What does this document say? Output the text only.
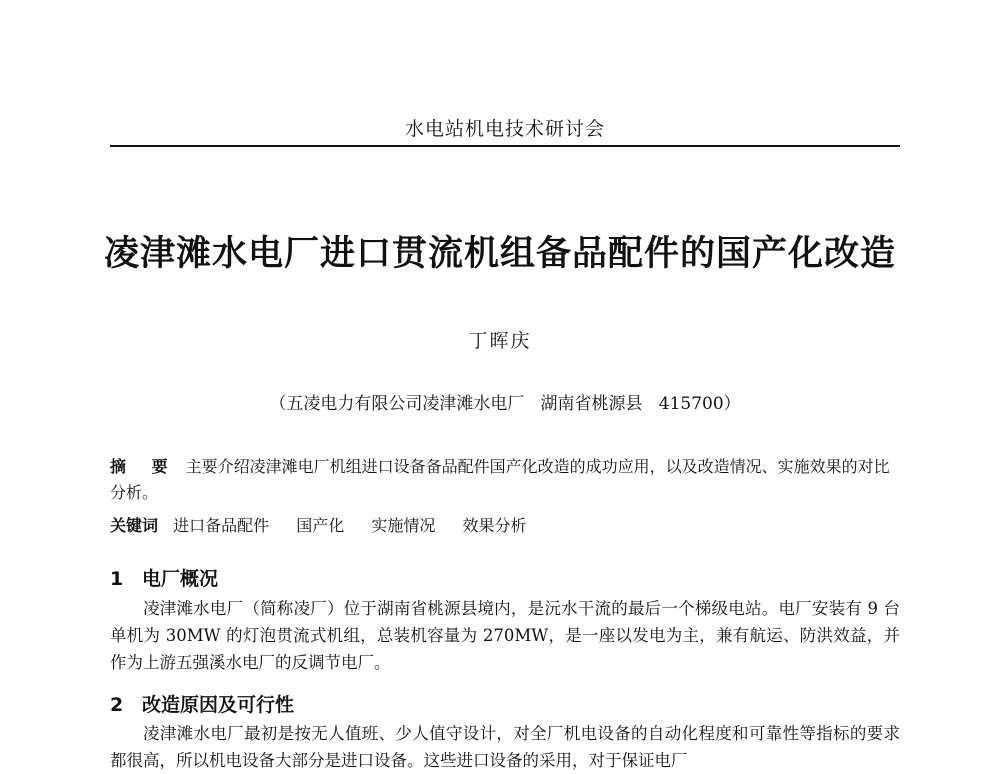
水电站机电技术研讨会
凌津滩水电厂进口贯流机组备品配件的国产化改造
丁晖庆
（五凌电力有限公司凌津滩水电厂   湖南省桃源县   415700）
摘 要 主要介绍凌津滩电厂机组进口设备备品配件国产化改造的成功应用，以及改造情况、实施效果的对比分析。
关键词 进口备品配件 国产化 实施情况 效果分析
1 电厂概况
凌津滩水电厂（简称凌厂）位于湖南省桃源县境内，是沅水干流的最后一个梯级电站。电厂安装有 9 台单机为 30MW 的灯泡贯流式机组，总装机容量为 270MW，是一座以发电为主，兼有航运、防洪效益，并作为上游五强溪水电厂的反调节电厂。
2 改造原因及可行性
凌津滩水电厂最初是按无人值班、少人值守设计，对全厂机电设备的自动化程度和可靠性等指标的要求都很高，所以机电设备大部分是进口设备。这些进口设备的采用，对于保证电厂
